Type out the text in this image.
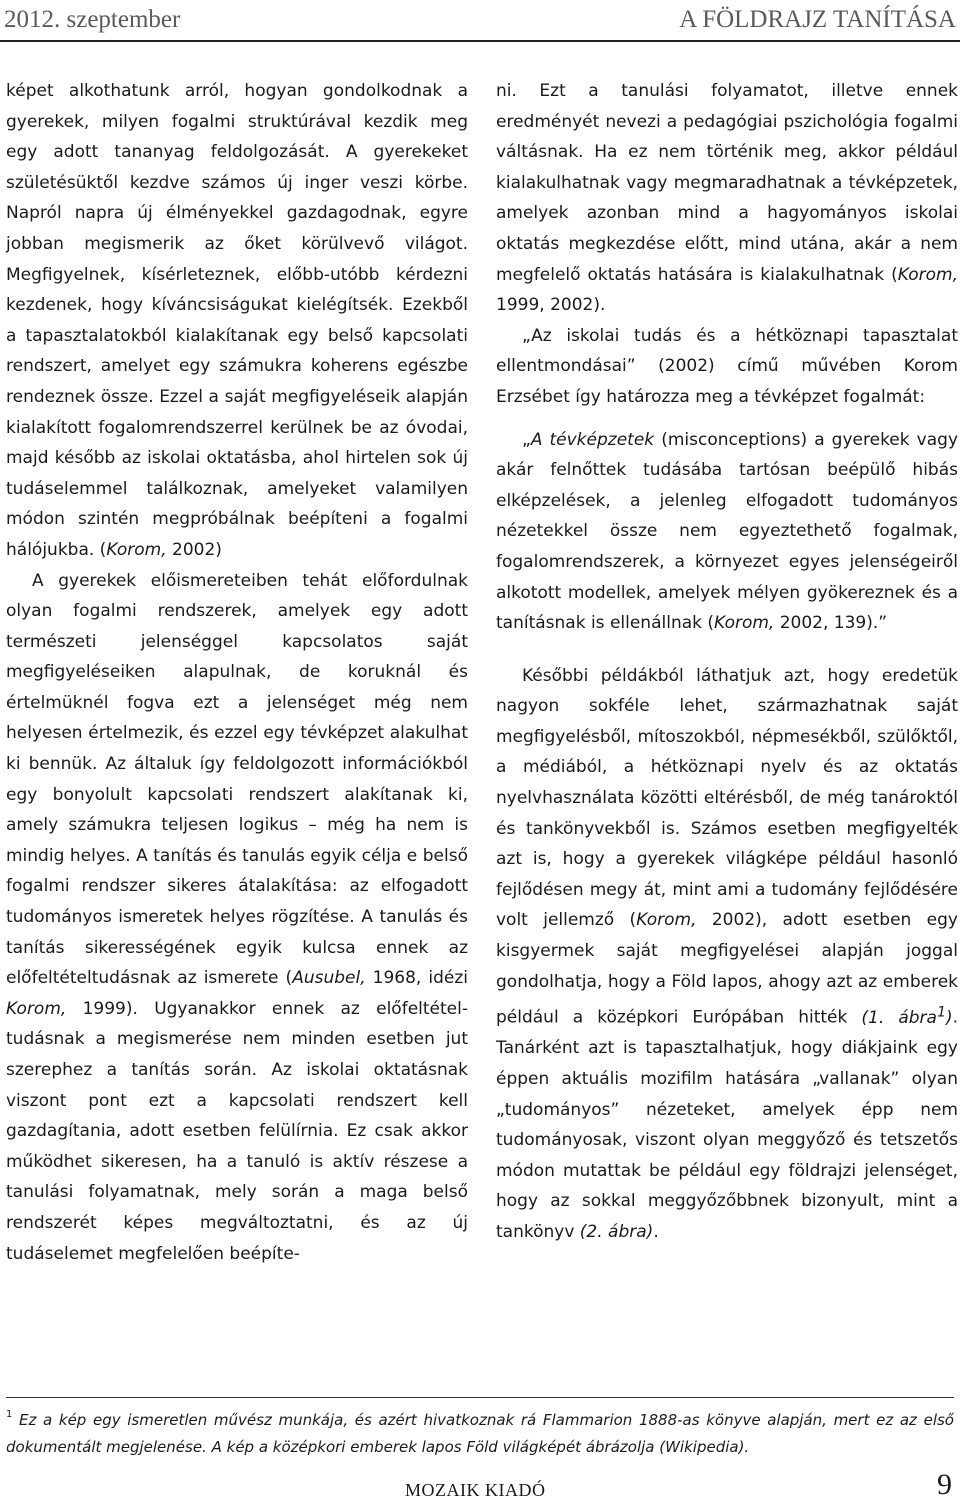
2012. szeptember	A FÖLDRAJZ TANÍTÁSA

képet alkothatunk arról, hogyan gondolkodnak a gyerekek, milyen fogalmi struktúrával kezdik meg egy adott tananyag feldolgozását. A gyerekeket születésüktől kezdve számos új inger veszi körbe. Napról napra új élményekkel gazdagodnak, egyre jobban megismerik az őket körülvevő világot. Megfigyelnek, kísérleteznek, előbb-utóbb kérdezni kezdenek, hogy kíváncsiságukat kielégítsék. Ezekből a tapasztalatokból kialakítanak egy belső kapcsolati rendszert, amelyet egy számukra koherens egészbe rendeznek össze. Ezzel a saját megfigyeléseik alapján kialakított fogalomrendszerrel kerülnek be az óvodai, majd később az iskolai oktatásba, ahol hirtelen sok új tudáselemmel találkoznak, amelyeket valamilyen módon szintén megpróbálnak beépíteni a fogalmi hálójukba. (Korom, 2002)

A gyerekek előismereteiben tehát előfordulnak olyan fogalmi rendszerek, amelyek egy adott természeti jelenséggel kapcsolatos saját megfigyeléseiken alapulnak, de koruknál és értelmüknél fogva ezt a jelenséget még nem helyesen értelmezik, és ezzel egy tévképzet alakulhat ki bennük. Az általuk így feldolgozott információkból egy bonyolult kapcsolati rendszert alakítanak ki, amely számukra teljesen logikus – még ha nem is mindig helyes. A tanítás és tanulás egyik célja e belső fogalmi rendszer sikeres átalakítása: az elfogadott tudományos ismeretek helyes rögzítése. A tanulás és tanítás sikerességének egyik kulcsa ennek az előfeltételtudásnak az ismerete (Ausubel, 1968, idézi Korom, 1999). Ugyanakkor ennek az előfeltétel-tudásnak a megismerése nem minden esetben jut szerephez a tanítás során. Az iskolai oktatásnak viszont pont ezt a kapcsolati rendszert kell gazdagítania, adott esetben felülírnia. Ez csak akkor működhet sikeresen, ha a tanuló is aktív részese a tanulási folyamatnak, mely során a maga belső rendszerét képes megváltoztatni, és az új tudáselemet megfelelően beépíte-

ni. Ezt a tanulási folyamatot, illetve ennek eredményét nevezi a pedagógiai pszichológia fogalmi váltásnak. Ha ez nem történik meg, akkor például kialakulhatnak vagy megmaradhatnak a tévképzetek, amelyek azonban mind a hagyományos iskolai oktatás megkezdése előtt, mind utána, akár a nem megfelelő oktatás hatására is kialakulhatnak (Korom, 1999, 2002).

„Az iskolai tudás és a hétköznapi tapasztalat ellentmondásai” (2002) című művében Korom Erzsébet így határozza meg a tévképzet fogalmát:

„A tévképzetek (misconceptions) a gyerekek vagy akár felnőttek tudásába tartósan beépülő hibás elképzelések, a jelenleg elfogadott tudományos nézetekkel össze nem egyeztethető fogalmak, fogalomrendszerek, a környezet egyes jelenségeiről alkotott modellek, amelyek mélyen gyökereznek és a tanításnak is ellenállnak (Korom, 2002, 139).”

Későbbi példákból láthatjuk azt, hogy eredetük nagyon sokféle lehet, származhatnak saját megfigyelésből, mítoszokból, népmesékből, szülőktől, a médiából, a hétköznapi nyelv és az oktatás nyelvhasználata közötti eltérésből, de még tanároktól és tankönyvekből is. Számos esetben megfigyelték azt is, hogy a gyerekek világképe például hasonló fejlődésen megy át, mint ami a tudomány fejlődésére volt jellemző (Korom, 2002), adott esetben egy kisgyermek saját megfigyelései alapján joggal gondolhatja, hogy a Föld lapos, ahogy azt az emberek például a középkori Európában hitték (1. ábra$^1$). Tanárként azt is tapasztalhatjuk, hogy diákjaink egy éppen aktuális mozifilm hatására „vallanak” olyan „tudományos” nézeteket, amelyek épp nem tudományosak, viszont olyan meggyőző és tetszetős módon mutattak be például egy földrajzi jelenséget, hogy az sokkal meggyőzőbbnek bizonyult, mint a tankönyv (2. ábra).

$^1$ Ez a kép egy ismeretlen művész munkája, és azért hivatkoznak rá Flammarion 1888-as könyve alapján, mert ez az első dokumentált megjelenése. A kép a középkori emberek lapos Föld világképét ábrázolja (Wikipedia).
MOZAIK KIADÓ	9
